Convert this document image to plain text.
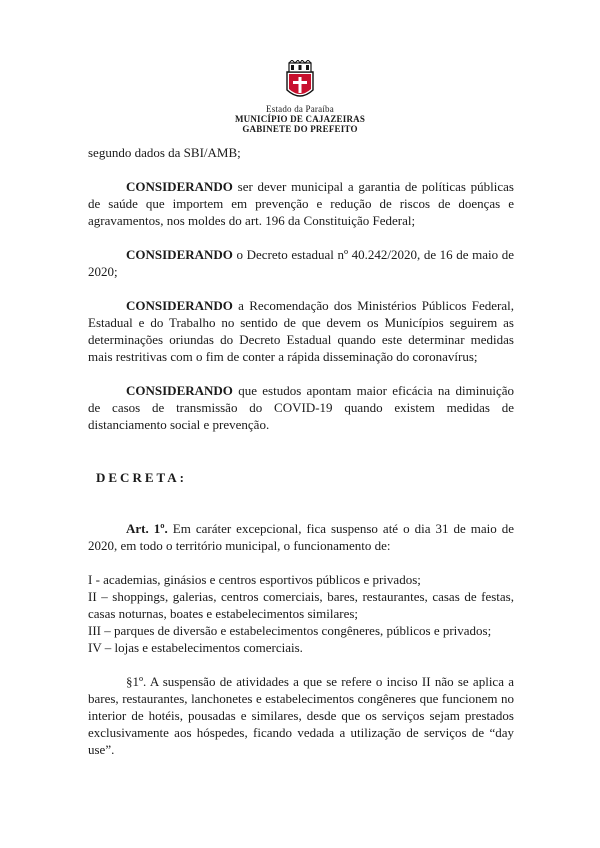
Estado da Paraíba
MUNICÍPIO DE CAJAZEIRAS
GABINETE DO PREFEITO

segundo dados da SBI/AMB;

CONSIDERANDO ser dever municipal a garantia de políticas públicas de saúde que importem em prevenção e redução de riscos de doenças e agravamentos, nos moldes do art. 196 da Constituição Federal;

CONSIDERANDO o Decreto estadual nº 40.242/2020, de 16 de maio de 2020;

CONSIDERANDO a Recomendação dos Ministérios Públicos Federal, Estadual e do Trabalho no sentido de que devem os Municípios seguirem as determinações oriundas do Decreto Estadual quando este determinar medidas mais restritivas com o fim de conter a rápida disseminação do coronavírus;

CONSIDERANDO que estudos apontam maior eficácia na diminuição de casos de transmissão do COVID-19 quando existem medidas de distanciamento social e prevenção.

DECRETA:

Art. 1º. Em caráter excepcional, fica suspenso até o dia 31 de maio de 2020, em todo o território municipal, o funcionamento de:

I - academias, ginásios e centros esportivos públicos e privados;

II – shoppings, galerias, centros comerciais, bares, restaurantes, casas de festas, casas noturnas, boates e estabelecimentos similares;

III – parques de diversão e estabelecimentos congêneres, públicos e privados;

IV – lojas e estabelecimentos comerciais.

§1º. A suspensão de atividades a que se refere o inciso II não se aplica a bares, restaurantes, lanchonetes e estabelecimentos congêneres que funcionem no interior de hotéis, pousadas e similares, desde que os serviços sejam prestados exclusivamente aos hóspedes, ficando vedada a utilização de serviços de “day use”.
